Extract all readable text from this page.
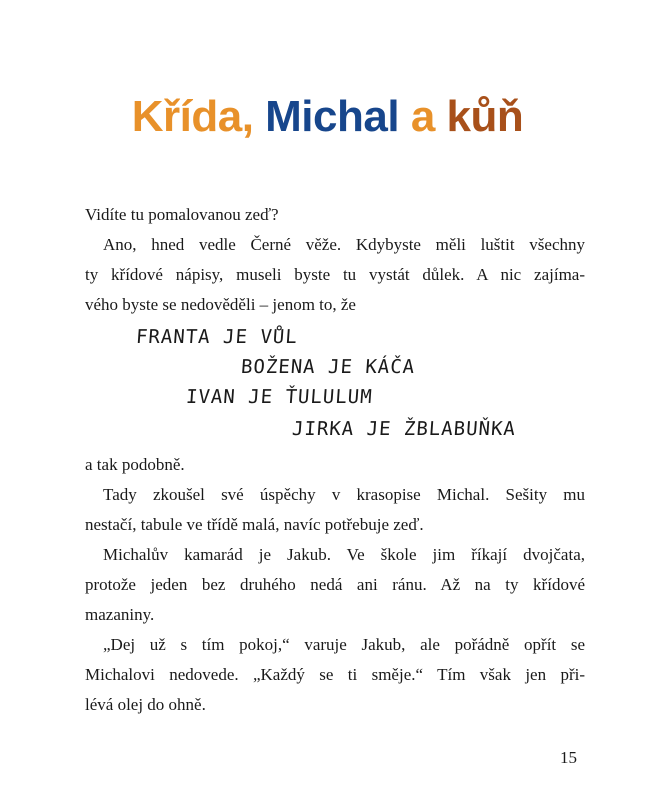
Křída, Michal a kůň
Vidíte tu pomalovanou zeď?
Ano, hned vedle Černé věže. Kdybyste měli luštit všechny
ty křídové nápisy, museli byste tu vystát důlek. A nic zajíma-
vého byste se nedověděli – jenom to, že
FRANTA JE VŮL
BOŽENA JE KÁČA
IVAN JE ŤULULUM
JIRKA JE ŽBLABUŇKA
a tak podobně.
Tady zkoušel své úspěchy v krasopise Michal. Sešity mu
nestačí, tabule ve třídě malá, navíc potřebuje zeď.
Michalův kamarád je Jakub. Ve škole jim říkají dvojčata,
protože jeden bez druhého nedá ani ránu. Až na ty křídové
mazaniny.
„Dej už s tím pokoj,“ varuje Jakub, ale pořádně opřít se
Michalovi nedovede. „Každý se ti směje.“ Tím však jen při-
lévá olej do ohně.
15
